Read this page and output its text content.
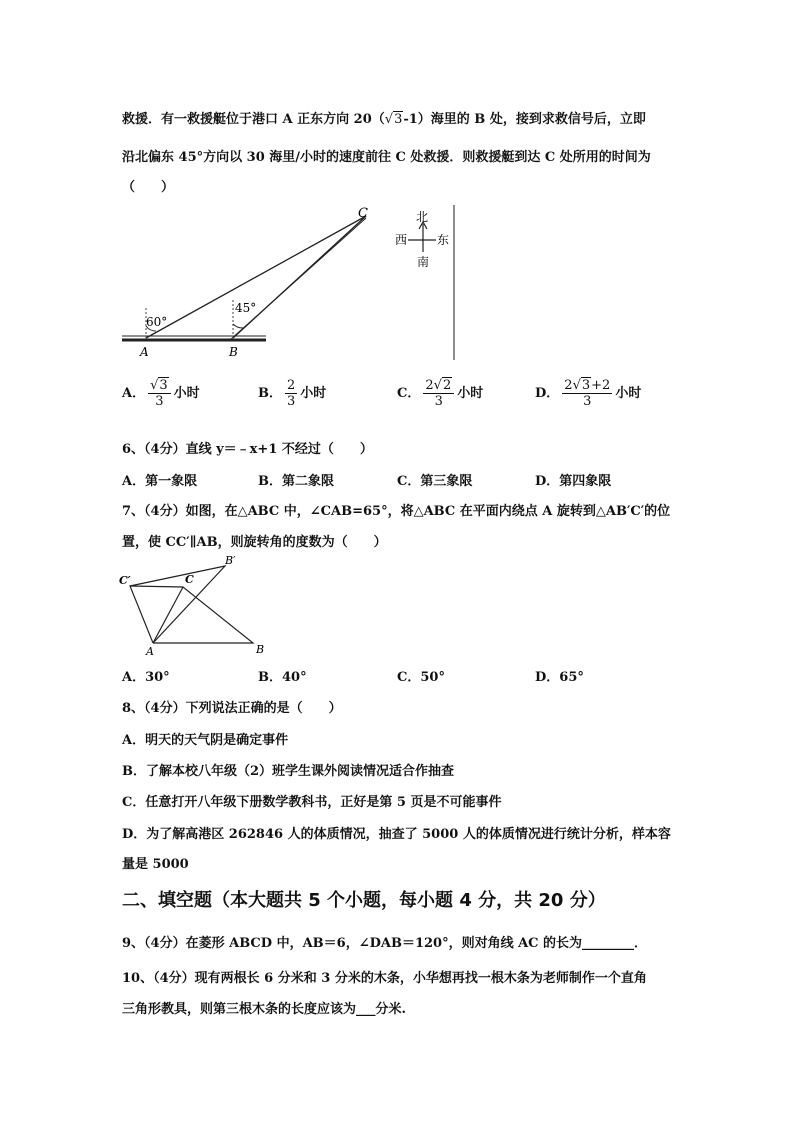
救援．有一救援艇位于港口 A 正东方向 20（√3-1）海里的 B 处，接到求救信号后，立即
沿北偏东 45°方向以 30 海里/小时的速度前往 C 处救援．则救援艇到达 C 处所用的时间为
（　　）
60°
45°
A	B
C	北
南
西 东
A． $\frac{√3}{3}$ 小时	B． $\frac{2}{3}$ 小时	C． $\frac{2√2}{3}$ 小时	D． $\frac{2√3+2}{3}$ 小时
6、（4分）直线 y＝﹣x+1 不经过（　　）
A．第一象限	B．第二象限	C．第三象限	D．第四象限
7、（4分）如图，在△ABC 中，∠CAB=65°，将△ABC 在平面内绕点 A 旋转到△AB′C′的位
置，使 CC′∥AB，则旋转角的度数为（　　）
C′	C
B′
A	B
A．30°	B．40°	C．50°	D．65°
8、（4分）下列说法正确的是（　　）
A．明天的天气阴是确定事件
B．了解本校八年级（2）班学生课外阅读情况适合作抽查
C．任意打开八年级下册数学教科书，正好是第 5 页是不可能事件
D．为了解高港区 262846 人的体质情况，抽查了 5000 人的体质情况进行统计分析，样本容
量是 5000
二、填空题（本大题共 5 个小题，每小题 4 分，共 20 分）
9、（4分）在菱形 ABCD 中，AB＝6，∠DAB＝120°，则对角线 AC 的长为________．
10、（4分）现有两根长 6 分米和 3 分米的木条，小华想再找一根木条为老师制作一个直角
三角形教具，则第三根木条的长度应该为___分米.
